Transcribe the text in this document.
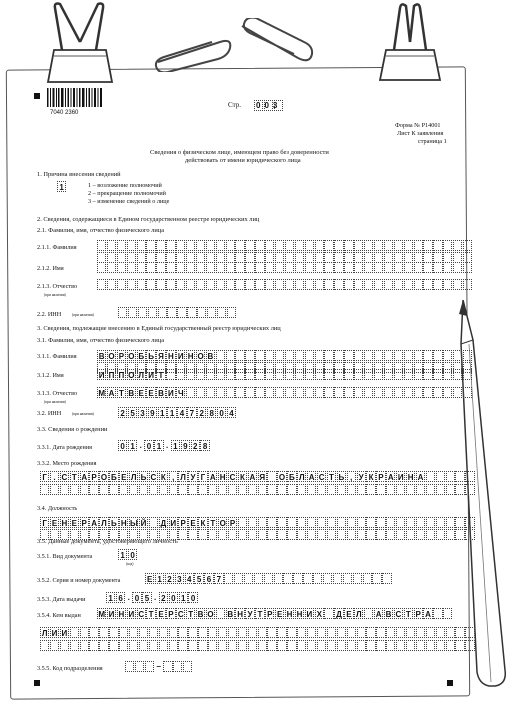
7040 2360
Стр. 003
Форма № Р14001
Лист К заявления
страница 1
Сведения о физическом лице, имеющем право без доверенности
действовать от имени юридического лица
1. Причина внесения сведений
1	1 – возложение полномочий
2 – прекращение полномочий
3 – изменение сведений о лице
2. Сведения, содержащиеся в Едином государственном реестре юридических лиц
2.1. Фамилия, имя, отчество физического лица
2.1.1. Фамилия
2.1.2. Имя
2.1.3. Отчество
(при наличии)
2.2. ИНН	(при наличии)
3. Сведения, подлежащие внесению в Единый государственный реестр юридических лиц
3.1. Фамилия, имя, отчество физического лица
3.1.1. Фамилия	В О Р О Б Ь Я Н И Н О В
3.1.2. Имя	И П П О Л И Т
3.1.3. Отчество
(при наличии)
М А Т В Е Е В И Ч
3.2. ИНН	(при наличии)	2 5 3 9 1 1 4 7 2 8 0 4
3.3. Сведения о рождении
3.3.1. Дата рождения	0 1 . 0 1 . 1 9 2 8
3.3.2. Место рождения
Г . С Т А Р О Б Е Л Ь С К , Л У Г А Н С К А Я О Б Л А С Т Ь , У К Р А И Н А
3.4. Должность
Г Е Н Е Р А Л Ь Н Ы Й Д И Р Е К Т О Р
3.5. Данные документа, удостоверяющего личность
3.5.1. Вид документа	1 0
(код)
3.5.2. Серия и номер документа	Е 1 2 3 4 5 6 7
3.5.3. Дата выдачи	1 6 . 0 5 . 2 0 1 0
3.5.4. Кем выдан М И Н И С Т Е Р С Т В О В Н У Т Р Е Н Н И Х Д Е Л А В С Т Р А
Л И И
3.5.5. Код подразделения	–
